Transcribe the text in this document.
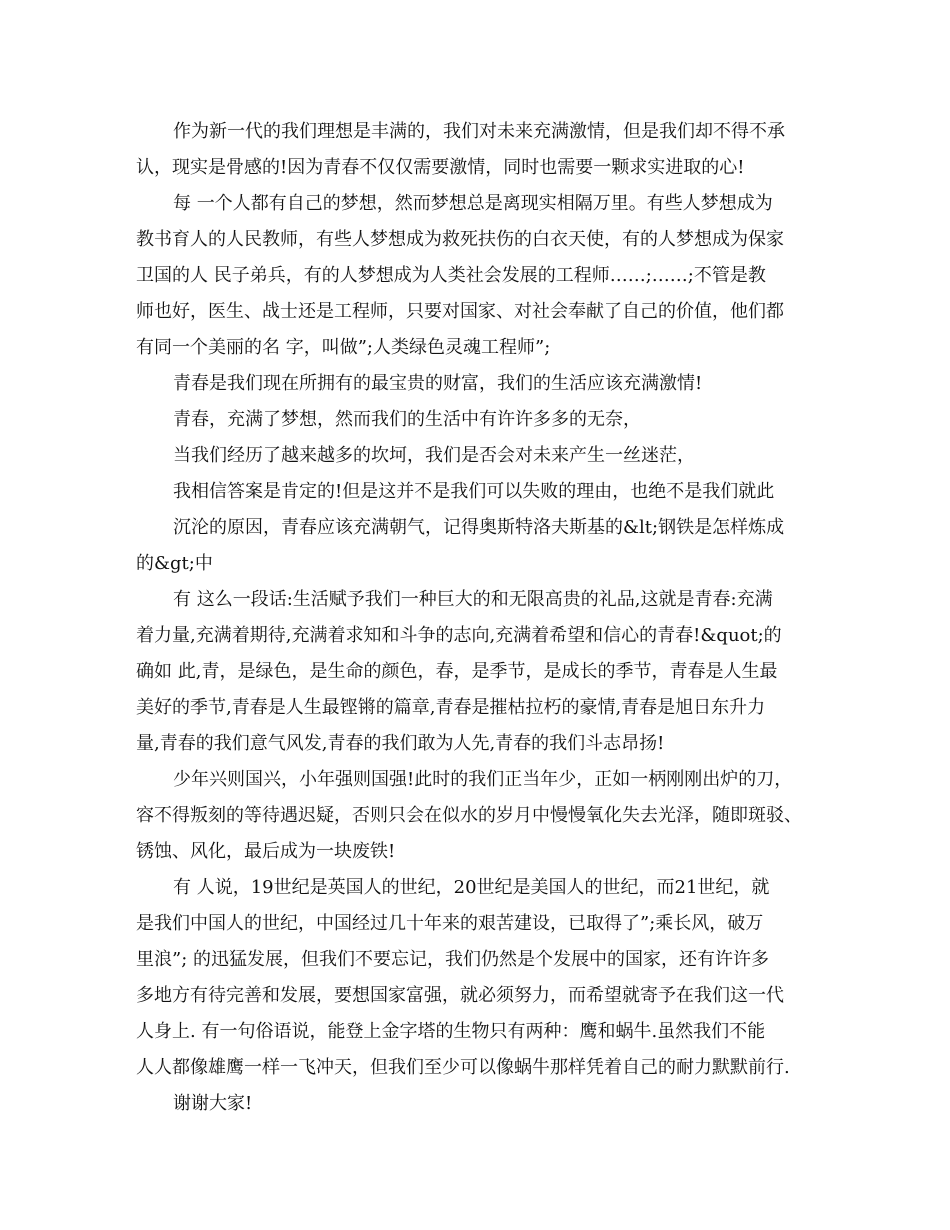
作为新一代的我们理想是丰满的，我们对未来充满激情，但是我们却不得不承
认，现实是骨感的!因为青春不仅仅需要激情，同时也需要一颗求实进取的心!
每 一个人都有自己的梦想，然而梦想总是离现实相隔万里。有些人梦想成为
教书育人的人民教师，有些人梦想成为救死扶伤的白衣天使，有的人梦想成为保家
卫国的人 民子弟兵，有的人梦想成为人类社会发展的工程师……;……;不管是教
师也好，医生、战士还是工程师，只要对国家、对社会奉献了自己的价值，他们都
有同一个美丽的名 字，叫做”;人类绿色灵魂工程师”;
青春是我们现在所拥有的最宝贵的财富，我们的生活应该充满激情!
青春，充满了梦想，然而我们的生活中有许许多多的无奈，
当我们经历了越来越多的坎坷，我们是否会对未来产生一丝迷茫，
我相信答案是肯定的!但是这并不是我们可以失败的理由，也绝不是我们就此
沉沦的原因，青春应该充满朝气，记得奥斯特洛夫斯基的&lt;钢铁是怎样炼成
的&gt;中
有 这么一段话:生活赋予我们一种巨大的和无限高贵的礼品,这就是青春:充满
着力量,充满着期待,充满着求知和斗争的志向,充满着希望和信心的青春!&quot;的
确如 此,青，是绿色，是生命的颜色，春，是季节，是成长的季节，青春是人生最
美好的季节,青春是人生最铿锵的篇章,青春是摧枯拉朽的豪情,青春是旭日东升力
量,青春的我们意气风发,青春的我们敢为人先,青春的我们斗志昂扬!
少年兴则国兴，小年强则国强!此时的我们正当年少，正如一柄刚刚出炉的刀，
容不得叛刻的等待遇迟疑，否则只会在似水的岁月中慢慢氧化失去光泽，随即斑驳、
锈蚀、风化，最后成为一块废铁!
有 人说，19世纪是英国人的世纪，20世纪是美国人的世纪，而21世纪，就
是我们中国人的世纪，中国经过几十年来的艰苦建设，已取得了”;乘长风，破万
里浪”; 的迅猛发展，但我们不要忘记，我们仍然是个发展中的国家，还有许许多
多地方有待完善和发展，要想国家富强，就必须努力，而希望就寄予在我们这一代
人身上. 有一句俗语说，能登上金字塔的生物只有两种：鹰和蜗牛.虽然我们不能
人人都像雄鹰一样一飞冲天，但我们至少可以像蜗牛那样凭着自己的耐力默默前行.
谢谢大家!
